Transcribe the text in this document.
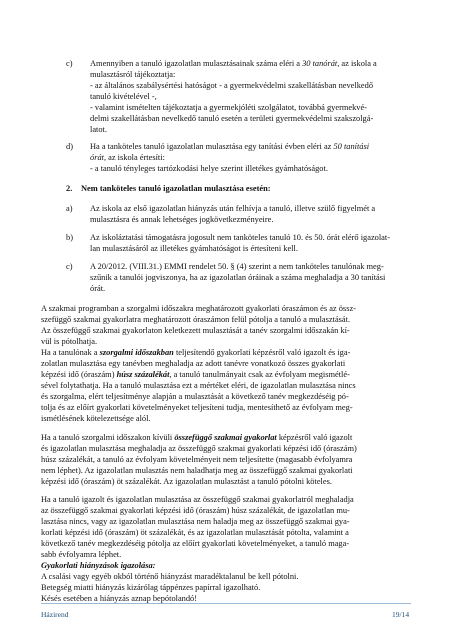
c) Amennyiben a tanuló igazolatlan mulasztásainak száma eléri a 30 tanórát, az iskola a
mulasztásról tájékoztatja:
- az általános szabálysértési hatóságot - a gyermekvédelmi szakellátásban nevelkedő
tanuló kivételével -,
- valamint ismételten tájékoztatja a gyermekjóléti szolgálatot, továbbá gyermekvé-
delmi szakellátásban nevelkedő tanuló esetén a területi gyermekvédelmi szakszolgá-
latot.
d) Ha a tanköteles tanuló igazolatlan mulasztása egy tanítási évben eléri az 50 tanítási
órát, az iskola értesíti:
- a tanuló tényleges tartózkodási helye szerint illetékes gyámhatóságot.
2. Nem tanköteles tanuló igazolatlan mulasztása esetén:
a) Az iskola az első igazolatlan hiányzás után felhívja a tanuló, illetve szülő figyelmét a
mulasztásra és annak lehetséges jogkövetkezményeire.
b) Az iskoláztatási támogatásra jogosult nem tanköteles tanuló 10. és 50. órát elérő igazolat-
lan mulasztásáról az illetékes gyámhatóságot is értesíteni kell.
c) A 20/2012. (VIII.31.) EMMI rendelet 50. § (4) szerint a nem tanköteles tanulónak meg-
szűnik a tanulói jogviszonya, ha az igazolatlan óráinak a száma meghaladja a 30 tanítási
órát.
A szakmai programban a szorgalmi időszakra meghatározott gyakorlati óraszámon és az össz-
szefüggő szakmai gyakorlatra meghatározott óraszámon felül pótolja a tanuló a mulasztását.
Az összefüggő szakmai gyakorlaton keletkezett mulasztását a tanév szorgalmi időszakán kí-
vül is pótolhatja.
Ha a tanulónak a szorgalmi időszakban teljesítendő gyakorlati képzésről való igazolt és iga-
zolatlan mulasztása egy tanévben meghaladja az adott tanévre vonatkozó összes gyakorlati
képzési idő (óraszám) húsz százalékát, a tanuló tanulmányait csak az évfolyam megismétlé-
sével folytathatja. Ha a tanuló mulasztása ezt a mértéket eléri, de igazolatlan mulasztása nincs
és szorgalma, elért teljesítménye alapján a mulasztását a következő tanév megkezdéséig pó-
tolja és az előírt gyakorlati követelményeket teljesíteni tudja, mentesíthető az évfolyam meg-
ismétlésének kötelezettsége alól.
Ha a tanuló szorgalmi időszakon kívüli összefüggő szakmai gyakorlat képzésről való igazolt
és igazolatlan mulasztása meghaladja az összefüggő szakmai gyakorlati képzési idő (óraszám)
húsz százalékát, a tanuló az évfolyam követelményeit nem teljesítette (magasabb évfolyamra
nem léphet). Az igazolatlan mulasztás nem haladhatja meg az összefüggő szakmai gyakorlati
képzési idő (óraszám) öt százalékát. Az igazolatlan mulasztást a tanuló pótolni köteles.
Ha a tanuló igazolt és igazolatlan mulasztása az összefüggő szakmai gyakorlatról meghaladja
az összefüggő szakmai gyakorlati képzési idő (óraszám) húsz százalékát, de igazolatlan mu-
lasztása nincs, vagy az igazolatlan mulasztása nem haladja meg az összefüggő szakmai gya-
korlati képzési idő (óraszám) öt százalékát, és az igazolatlan mulasztását pótolta, valamint a
következő tanév megkezdéséig pótolja az előírt gyakorlati követelményeket, a tanuló maga-
sabb évfolyamra léphet.
Gyakorlati hiányzások igazolása:
A csalási vagy egyéb okból történő hiányzást maradéktalanul be kell pótolni.
Betegség miatti hiányzás kizárólag táppénzes papírral igazolható.
Késés esetében a hiányzás aznap bepótolandó!
Házirend	19/14
